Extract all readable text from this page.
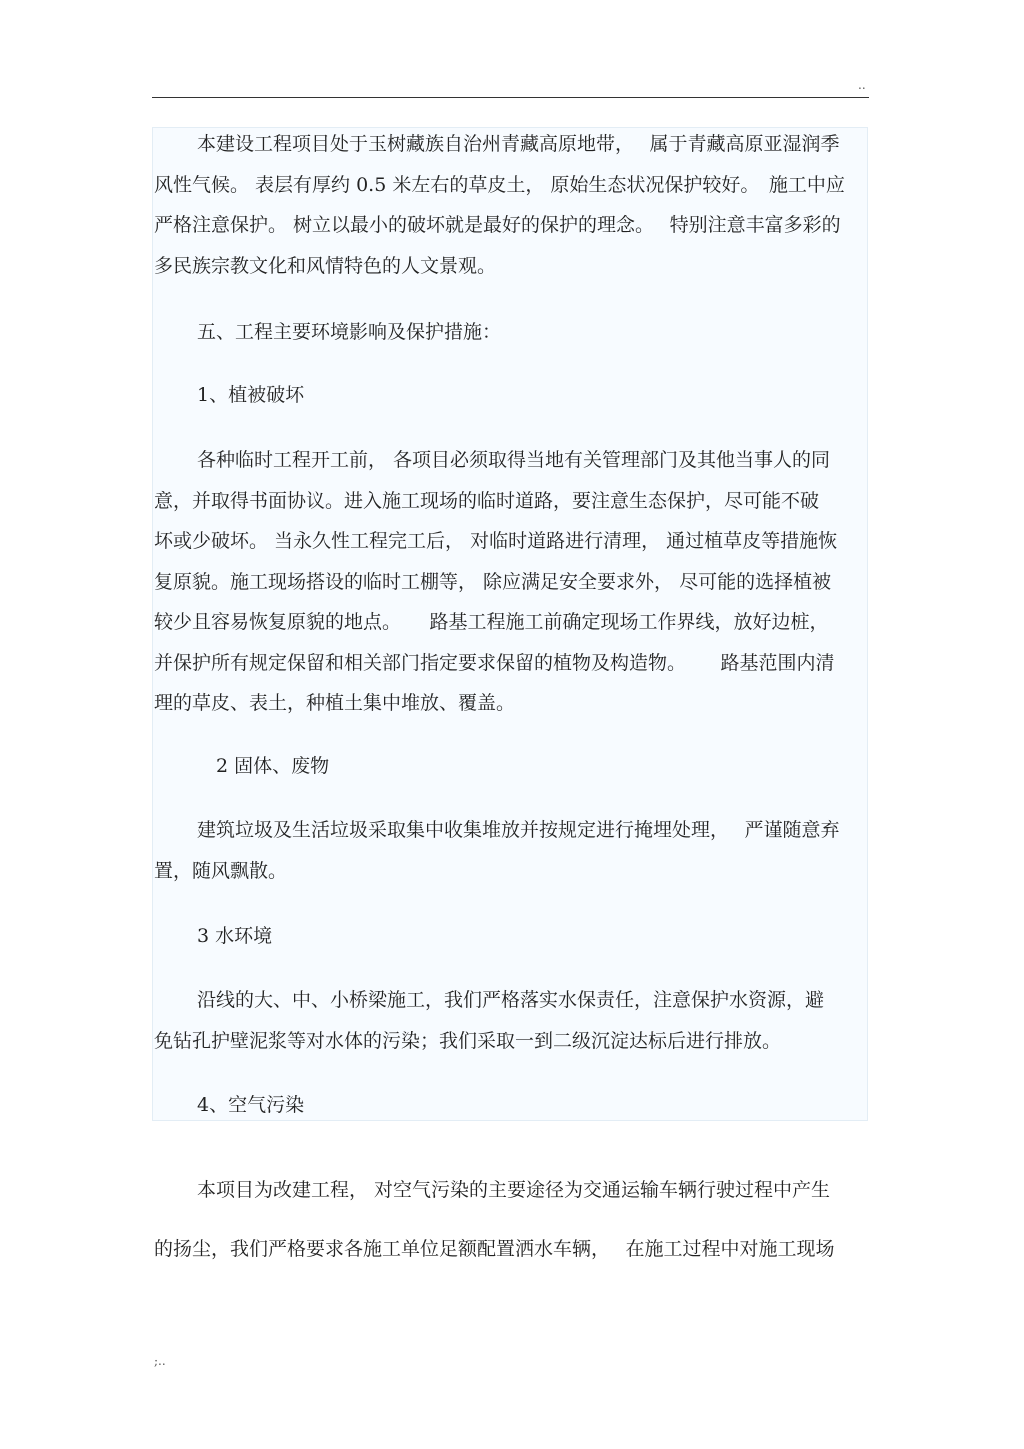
..
本建设工程项目处于玉树藏族自治州青藏高原地带，　 属于青藏高原亚湿润季
风性气候。 表层有厚约 0.5 米左右的草皮土， 原始生态状况保护较好。　施工中应
严格注意保护。 树立以最小的破坏就是最好的保护的理念。　 特别注意丰富多彩的
多民族宗教文化和风情特色的人文景观。
五、工程主要环境影响及保护措施：
1、植被破坏
各种临时工程开工前， 各项目必须取得当地有关管理部门及其他当事人的同
意，并取得书面协议。进入施工现场的临时道路，要注意生态保护，尽可能不破
坏或少破坏。 当永久性工程完工后， 对临时道路进行清理， 通过植草皮等措施恢
复原貌。施工现场搭设的临时工棚等， 除应满足安全要求外， 尽可能的选择植被
较少且容易恢复原貌的地点。　　路基工程施工前确定现场工作界线，放好边桩，
并保护所有规定保留和相关部门指定要求保留的植物及构造物。　　 路基范围内清
理的草皮、表土，种植土集中堆放、覆盖。
2 固体、废物
建筑垃圾及生活垃圾采取集中收集堆放并按规定进行掩埋处理，　 严谨随意弃
置，随风飘散。
3 水环境
沿线的大、中、小桥梁施工，我们严格落实水保责任，注意保护水资源，避
免钻孔护壁泥浆等对水体的污染；我们采取一到二级沉淀达标后进行排放。
4、空气污染
本项目为改建工程， 对空气污染的主要途径为交通运输车辆行驶过程中产生
的扬尘，我们严格要求各施工单位足额配置洒水车辆，　 在施工过程中对施工现场
;..
